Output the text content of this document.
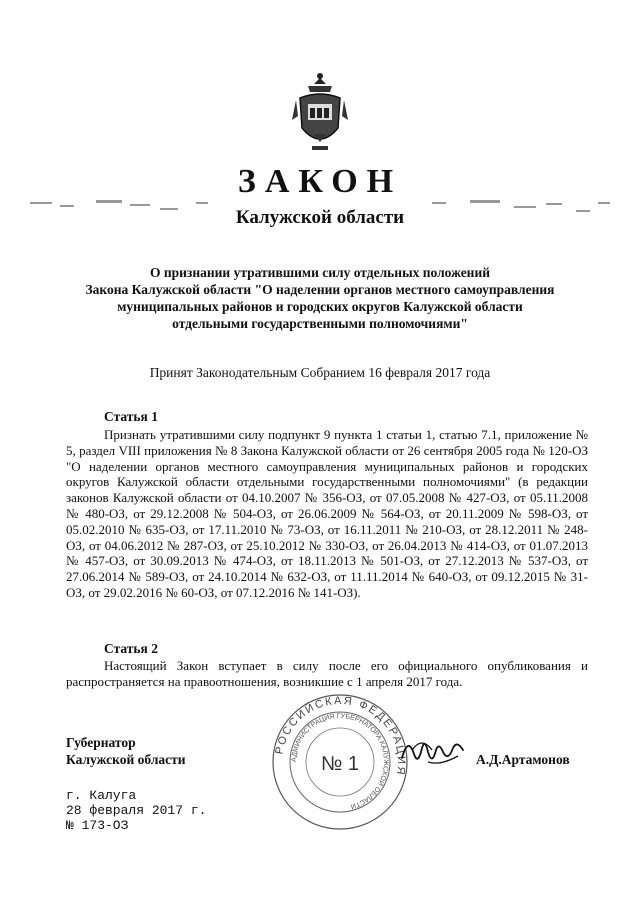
ЗАКОН
Калужской области
О признании утратившими силу отдельных положений
Закона Калужской области "О наделении органов местного самоуправления
муниципальных районов и городских округов Калужской области
отдельными государственными полномочиями"
Принят Законодательным Собранием 16 февраля 2017 года
Статья 1
Признать утратившими силу подпункт 9 пункта 1 статьи 1, статью 7.1, приложение № 5, раздел VIII приложения № 8 Закона Калужской области от 26 сентября 2005 года № 120-ОЗ "О наделении органов местного самоуправления муниципальных районов и городских округов Калужской области отдельными государственными полномочиями" (в редакции законов Калужской области от 04.10.2007 № 356-ОЗ, от 07.05.2008 № 427-ОЗ, от 05.11.2008 № 480-ОЗ, от 29.12.2008 № 504-ОЗ, от 26.06.2009 № 564-ОЗ, от 20.11.2009 № 598-ОЗ, от 05.02.2010 № 635-ОЗ, от 17.11.2010 № 73-ОЗ, от 16.11.2011 № 210-ОЗ, от 28.12.2011 № 248-ОЗ, от 04.06.2012 № 287-ОЗ, от 25.10.2012 № 330-ОЗ, от 26.04.2013 № 414-ОЗ, от 01.07.2013 № 457-ОЗ, от 30.09.2013 № 474-ОЗ, от 18.11.2013 № 501-ОЗ, от 27.12.2013 № 537-ОЗ, от 27.06.2014 № 589-ОЗ, от 24.10.2014 № 632-ОЗ, от 11.11.2014 № 640-ОЗ, от 09.12.2015 № 31-ОЗ, от 29.02.2016 № 60-ОЗ, от 07.12.2016 № 141-ОЗ).
Статья 2
Настоящий Закон вступает в силу после его официального опубликования и распространяется на правоотношения, возникшие с 1 апреля 2017 года.
Губернатор
Калужской области
РОССИЙСКАЯ ФЕДЕРАЦИЯ
АДМИНИСТРАЦИЯ ГУБЕРНАТОРА КАЛУЖСКОЙ ОБЛАСТИ
№ 1	А.Д.Артамонов
г. Калуга
28 февраля 2017 г.
№ 173-ОЗ
